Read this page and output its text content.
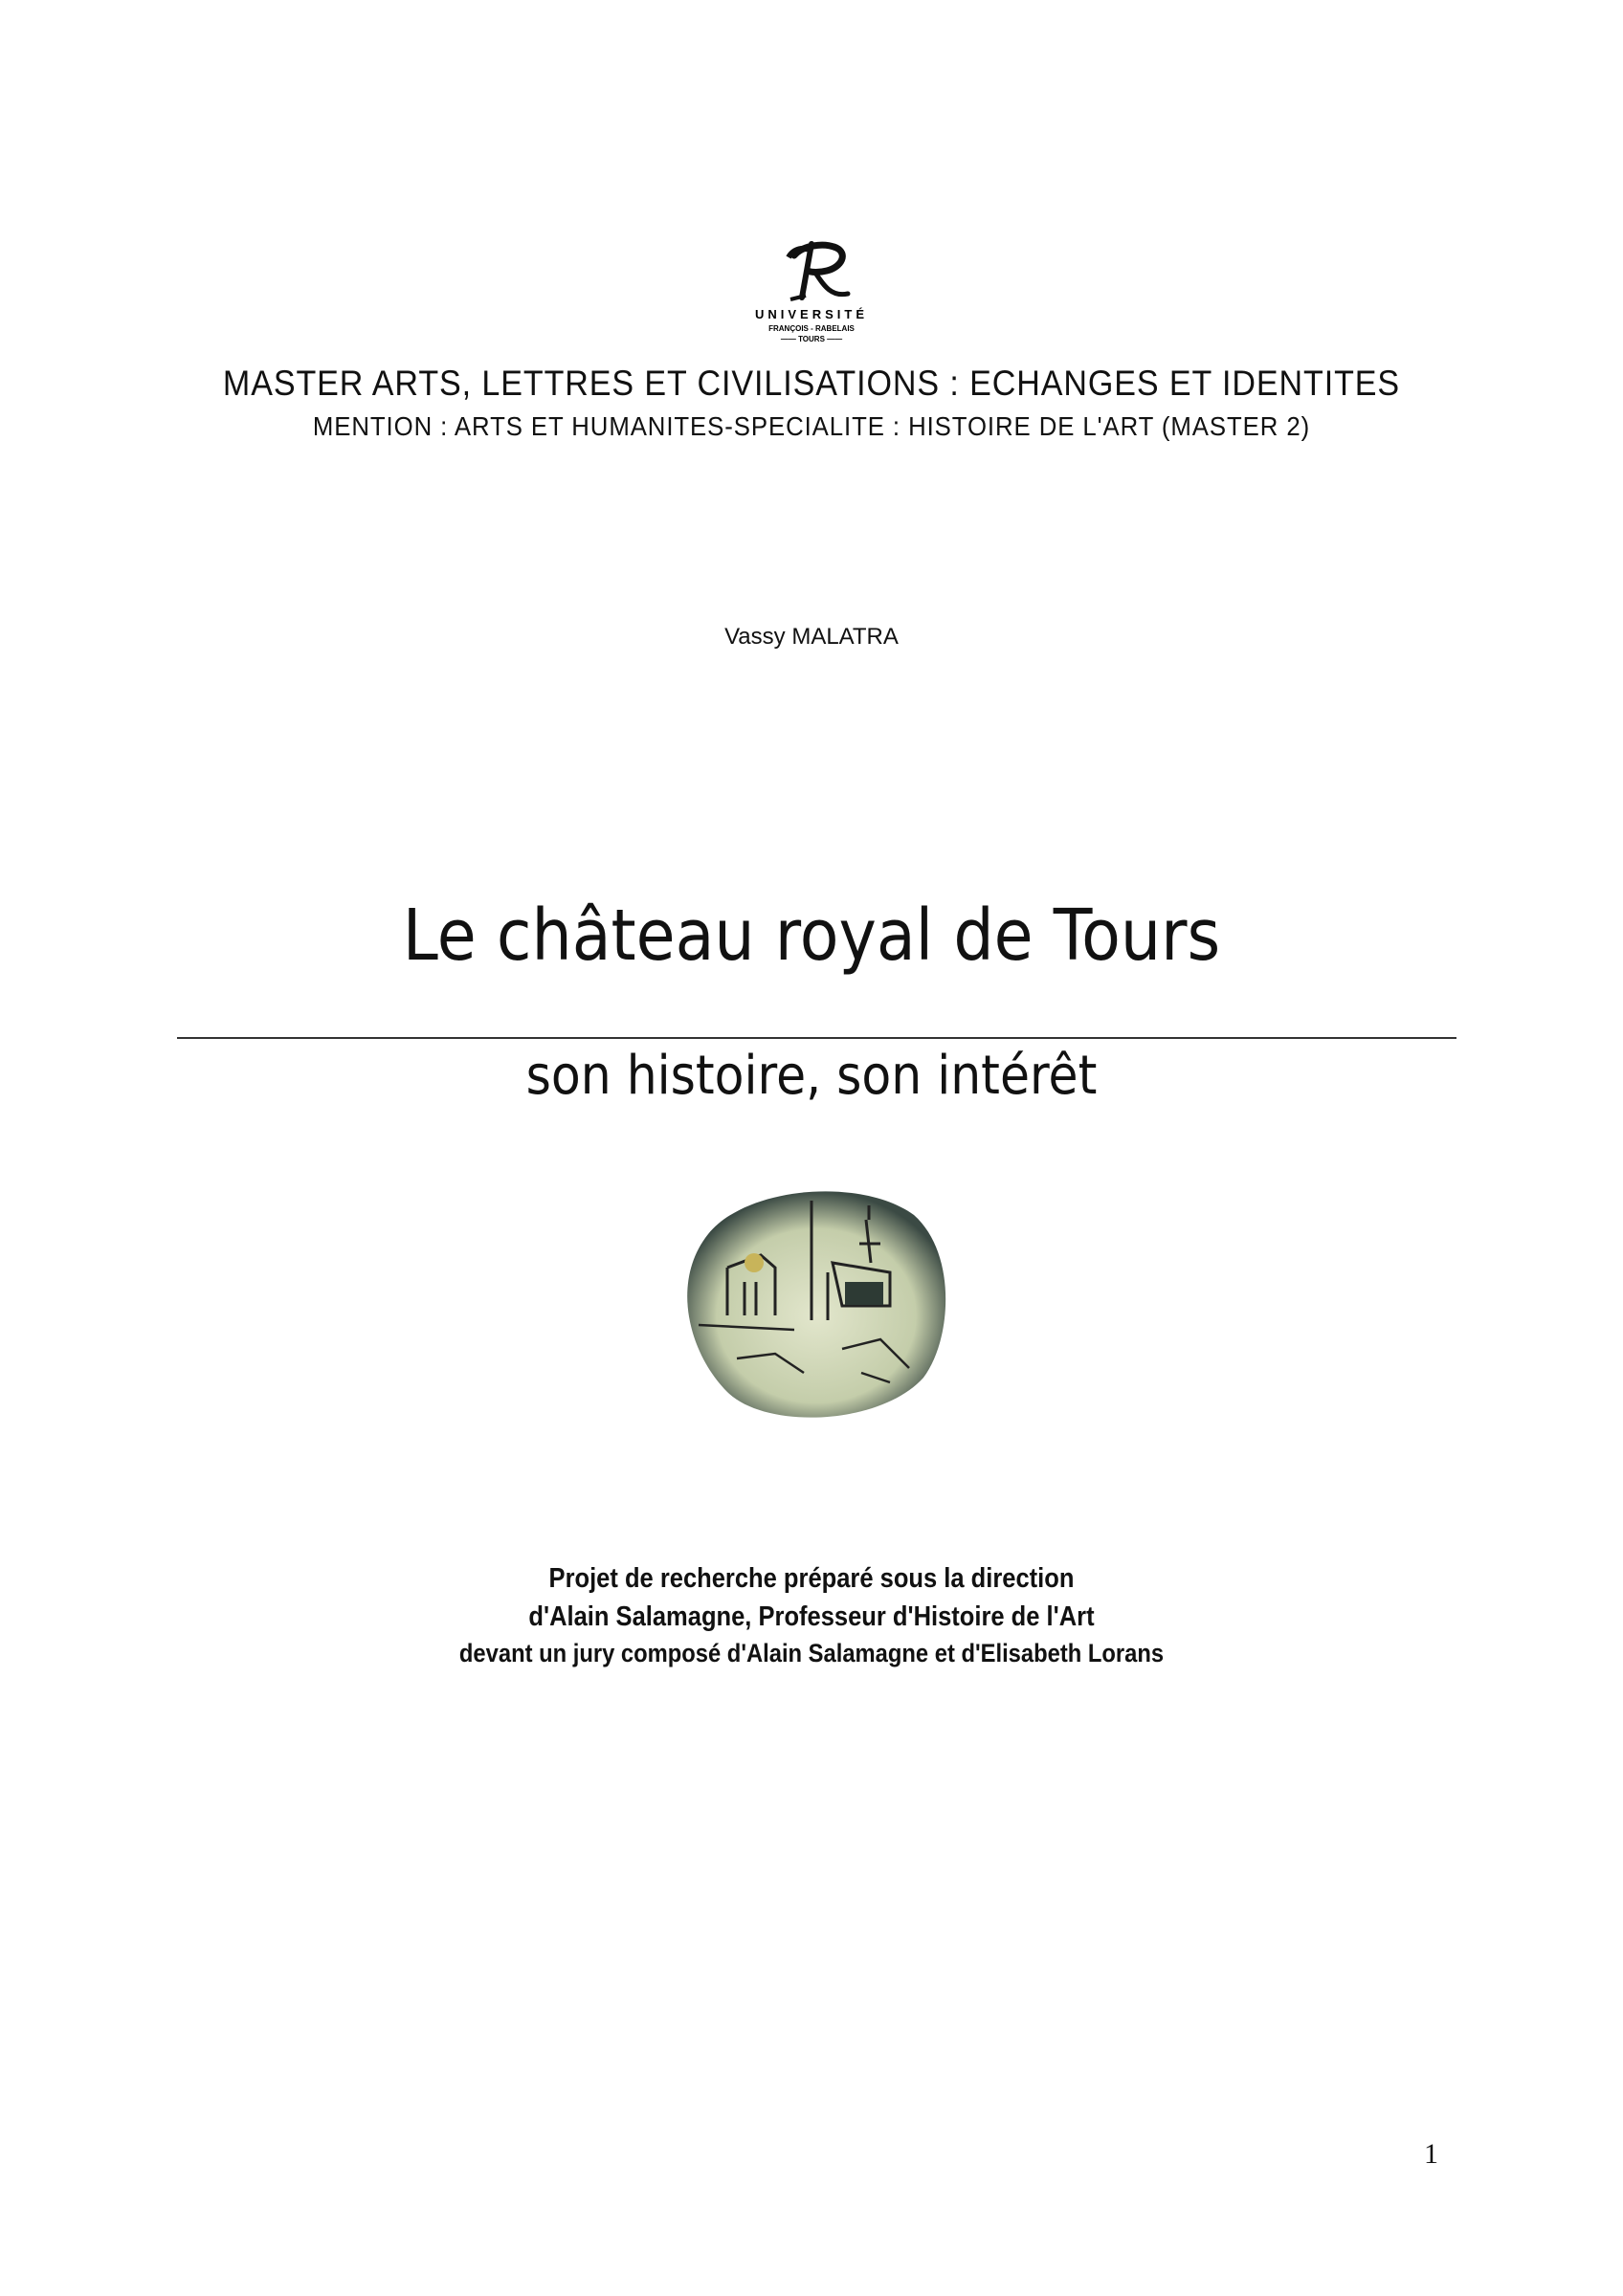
UNIVERSITÉ
FRANÇOIS - RABELAIS
—— TOURS ——
MASTER ARTS, LETTRES ET CIVILISATIONS : ECHANGES ET IDENTITES
MENTION : ARTS ET HUMANITES-SPECIALITE : HISTOIRE DE L'ART (MASTER 2)
Vassy MALATRA
Le château royal de Tours
son histoire, son intérêt
Projet de recherche préparé sous la direction
d'Alain Salamagne, Professeur d'Histoire de l'Art
devant un jury composé d'Alain Salamagne et d'Elisabeth Lorans
1
